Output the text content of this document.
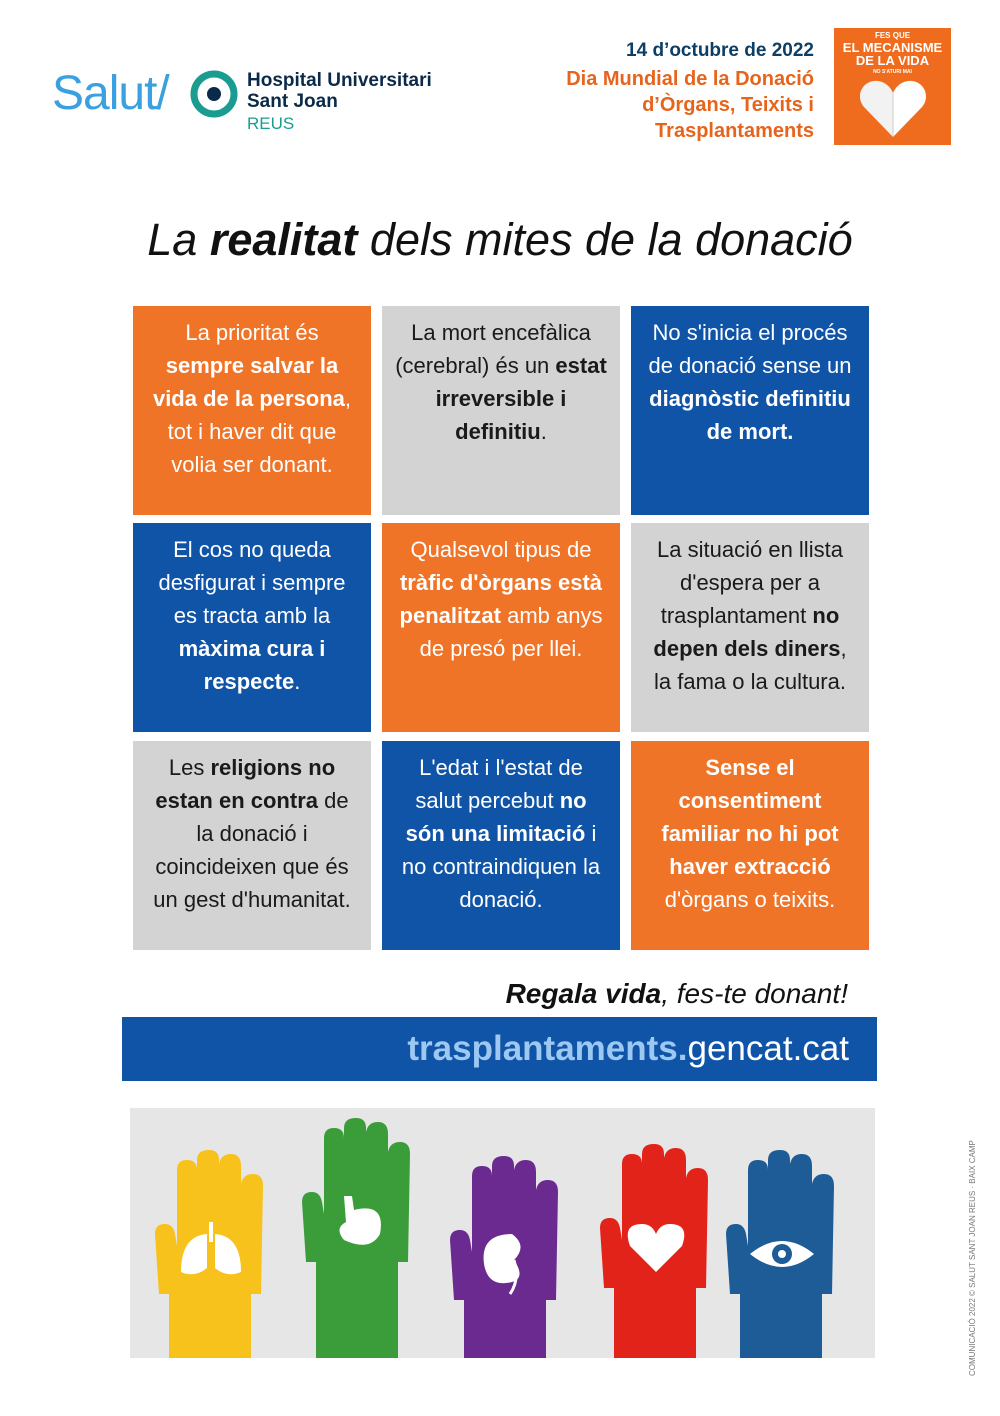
Salut/	Hospital Universitari
Sant Joan
REUS
14 d’octubre de 2022
Dia Mundial de la Donació
d’Òrgans, Teixits i
Trasplantaments
FES QUE
EL MECANISME
DE LA VIDA
NO S'ATURI MAI
La realitat dels mites de la donació
La prioritat és sempre salvar la vida de la persona, tot i haver dit que volia ser donant.
La mort encefàlica (cerebral) és un estat irreversible i definitiu.
No s'inicia el procés de donació sense un diagnòstic definitiu de mort.
El cos no queda desfigurat i sempre es tracta amb la màxima cura i respecte.
Qualsevol tipus de tràfic d'òrgans està penalitzat amb anys de presó per llei.
La situació en llista d'espera per a trasplantament no depen dels diners, la fama o la cultura.
Les religions no estan en contra de la donació i coincideixen que és un gest d'humanitat.
L'edat i l'estat de salut percebut no són una limitació i no contraindiquen la donació.
Sense el consentiment familiar no hi pot haver extracció d'òrgans o teixits.
Regala vida, fes-te donant!
trasplantaments.gencat.cat
COMUNICACIÓ 2022 © SALUT SANT JOAN REUS · BAIX CAMP
